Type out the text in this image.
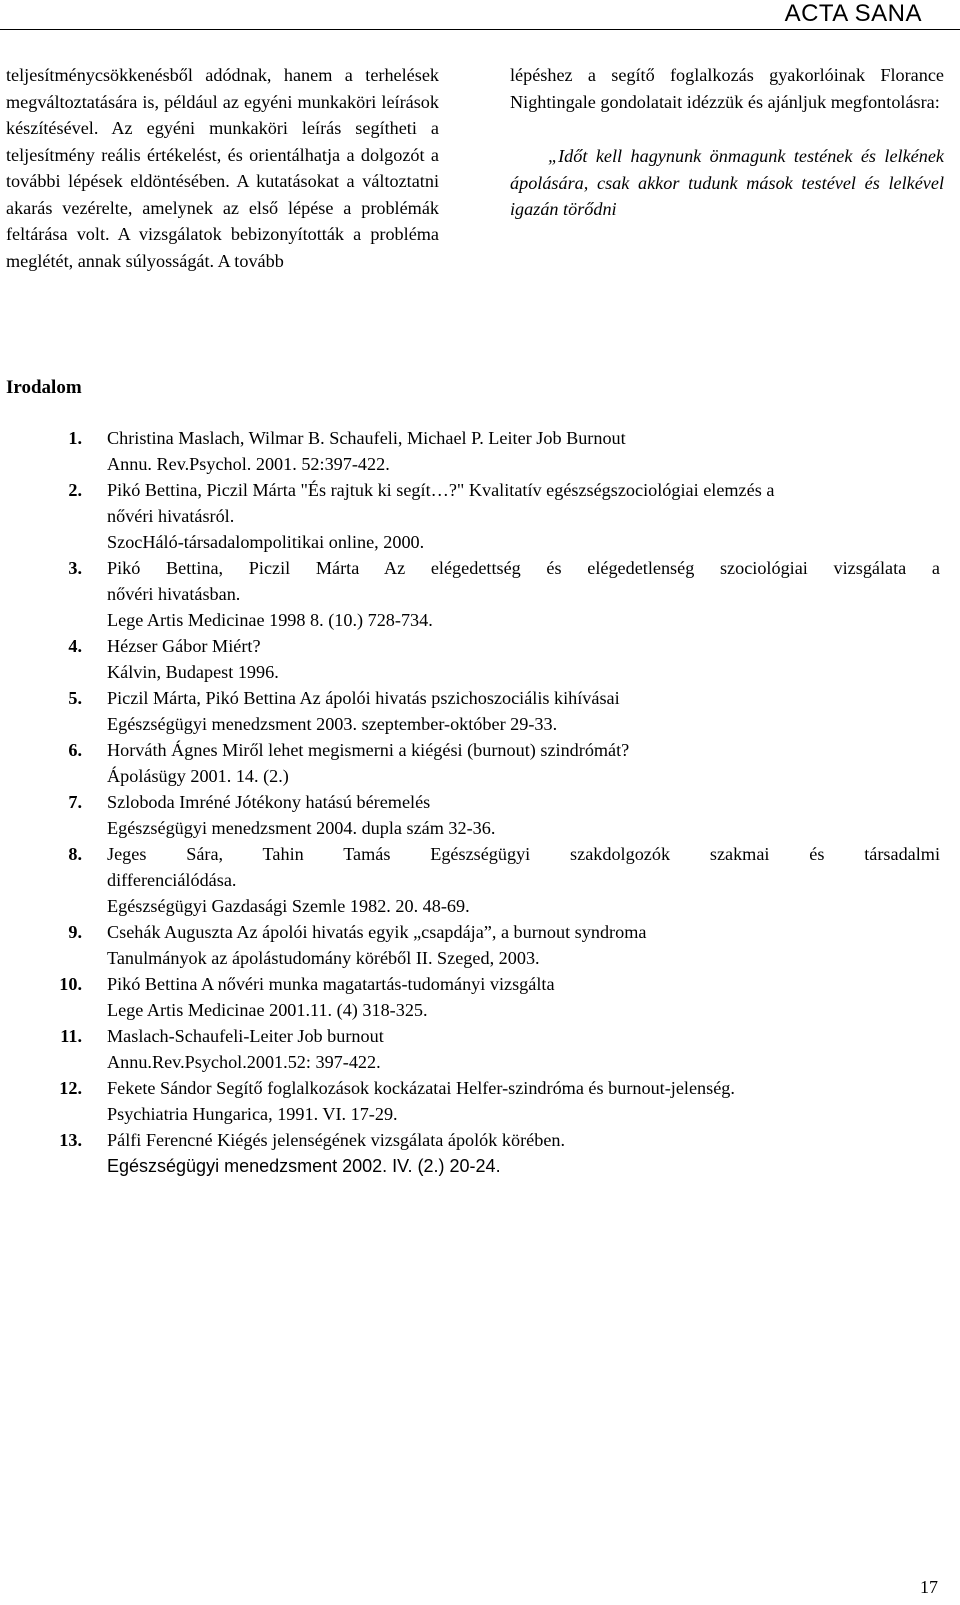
ACTA SANA

teljesítménycsökkenésből adódnak, hanem a terhelések megváltoztatására is, például az egyéni munkaköri leírások készítésével. Az egyéni munkaköri leírás segítheti a teljesítmény reális értékelést, és orientálhatja a dolgozót a további lépések eldöntésében. A kutatásokat a változtatni akarás vezérelte, amelynek az első lépése a problémák feltárása volt. A vizsgálatok bebizonyították a probléma meglétét, annak súlyosságát. A tovább

lépéshez a segítő foglalkozás gyakorlóinak Florance Nightingale gondolatait idézzük és ajánljuk megfontolásra:

„Időt kell hagynunk önmagunk testének és lelkének ápolására, csak akkor tudunk mások testével és lelkével igazán törődni

Irodalom
1. Christina Maslach, Wilmar B. Schaufeli, Michael P. Leiter Job Burnout
Annu. Rev.Psychol. 2001. 52:397-422.
2. Pikó Bettina, Piczil Márta "És rajtuk ki segít…?" Kvalitatív egészségszociológiai elemzés a
nővéri hivatásról.
SzocHáló-társadalompolitikai online, 2000.
3. Pikó Bettina, Piczil Márta Az elégedettség és elégedetlenség szociológiai vizsgálata a
nővéri hivatásban.
Lege Artis Medicinae 1998 8. (10.) 728-734.
4. Hézser Gábor Miért?
Kálvin, Budapest 1996.
5. Piczil Márta, Pikó Bettina Az ápolói hivatás pszichoszociális kihívásai
Egészségügyi menedzsment 2003. szeptember-október 29-33.
6. Horváth Ágnes Miről lehet megismerni a kiégési (burnout) szindrómát?
Ápolásügy 2001. 14. (2.)
7. Szloboda Imréné Jótékony hatású béremelés
Egészségügyi menedzsment 2004. dupla szám 32-36.
8. Jeges Sára, Tahin Tamás Egészségügyi szakdolgozók szakmai és társadalmi
differenciálódása.
Egészségügyi Gazdasági Szemle 1982. 20. 48-69.
9. Csehák Auguszta Az ápolói hivatás egyik „csapdája”, a burnout syndroma
Tanulmányok az ápolástudomány köréből II. Szeged, 2003.
10. Pikó Bettina A nővéri munka magatartás-tudományi vizsgálta
Lege Artis Medicinae 2001.11. (4) 318-325.
11. Maslach-Schaufeli-Leiter Job burnout
Annu.Rev.Psychol.2001.52: 397-422.
12. Fekete Sándor Segítő foglalkozások kockázatai Helfer-szindróma és burnout-jelenség.
Psychiatria Hungarica, 1991. VI. 17-29.
13. Pálfi Ferencné Kiégés jelenségének vizsgálata ápolók körében.
Egészségügyi menedzsment 2002. IV. (2.) 20-24.
17
